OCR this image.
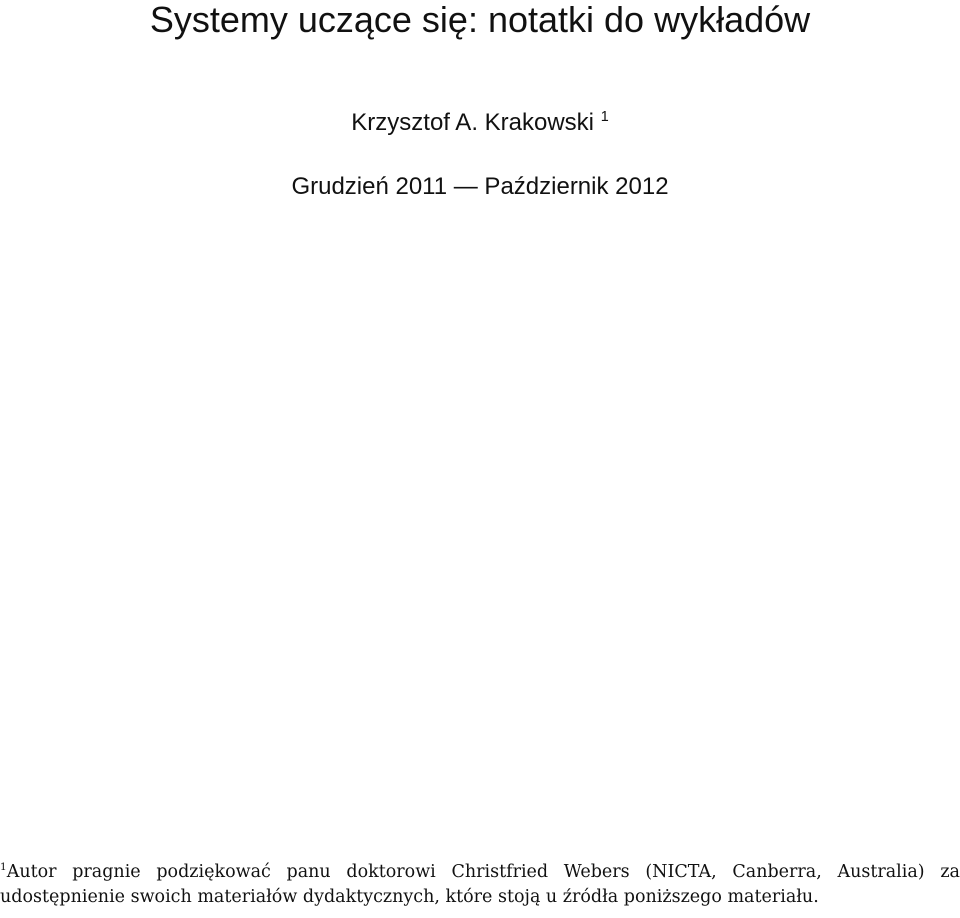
Systemy uczące się: notatki do wykładów
Krzysztof A. Krakowski $^1$
Grudzień 2011 — Październik 2012
$^1$Autor pragnie podziękować panu doktorowi Christfried Webers (NICTA, Canberra, Australia) za
udostępnienie swoich materiałów dydaktycznych, które stoją u źródła poniższego materiału.
